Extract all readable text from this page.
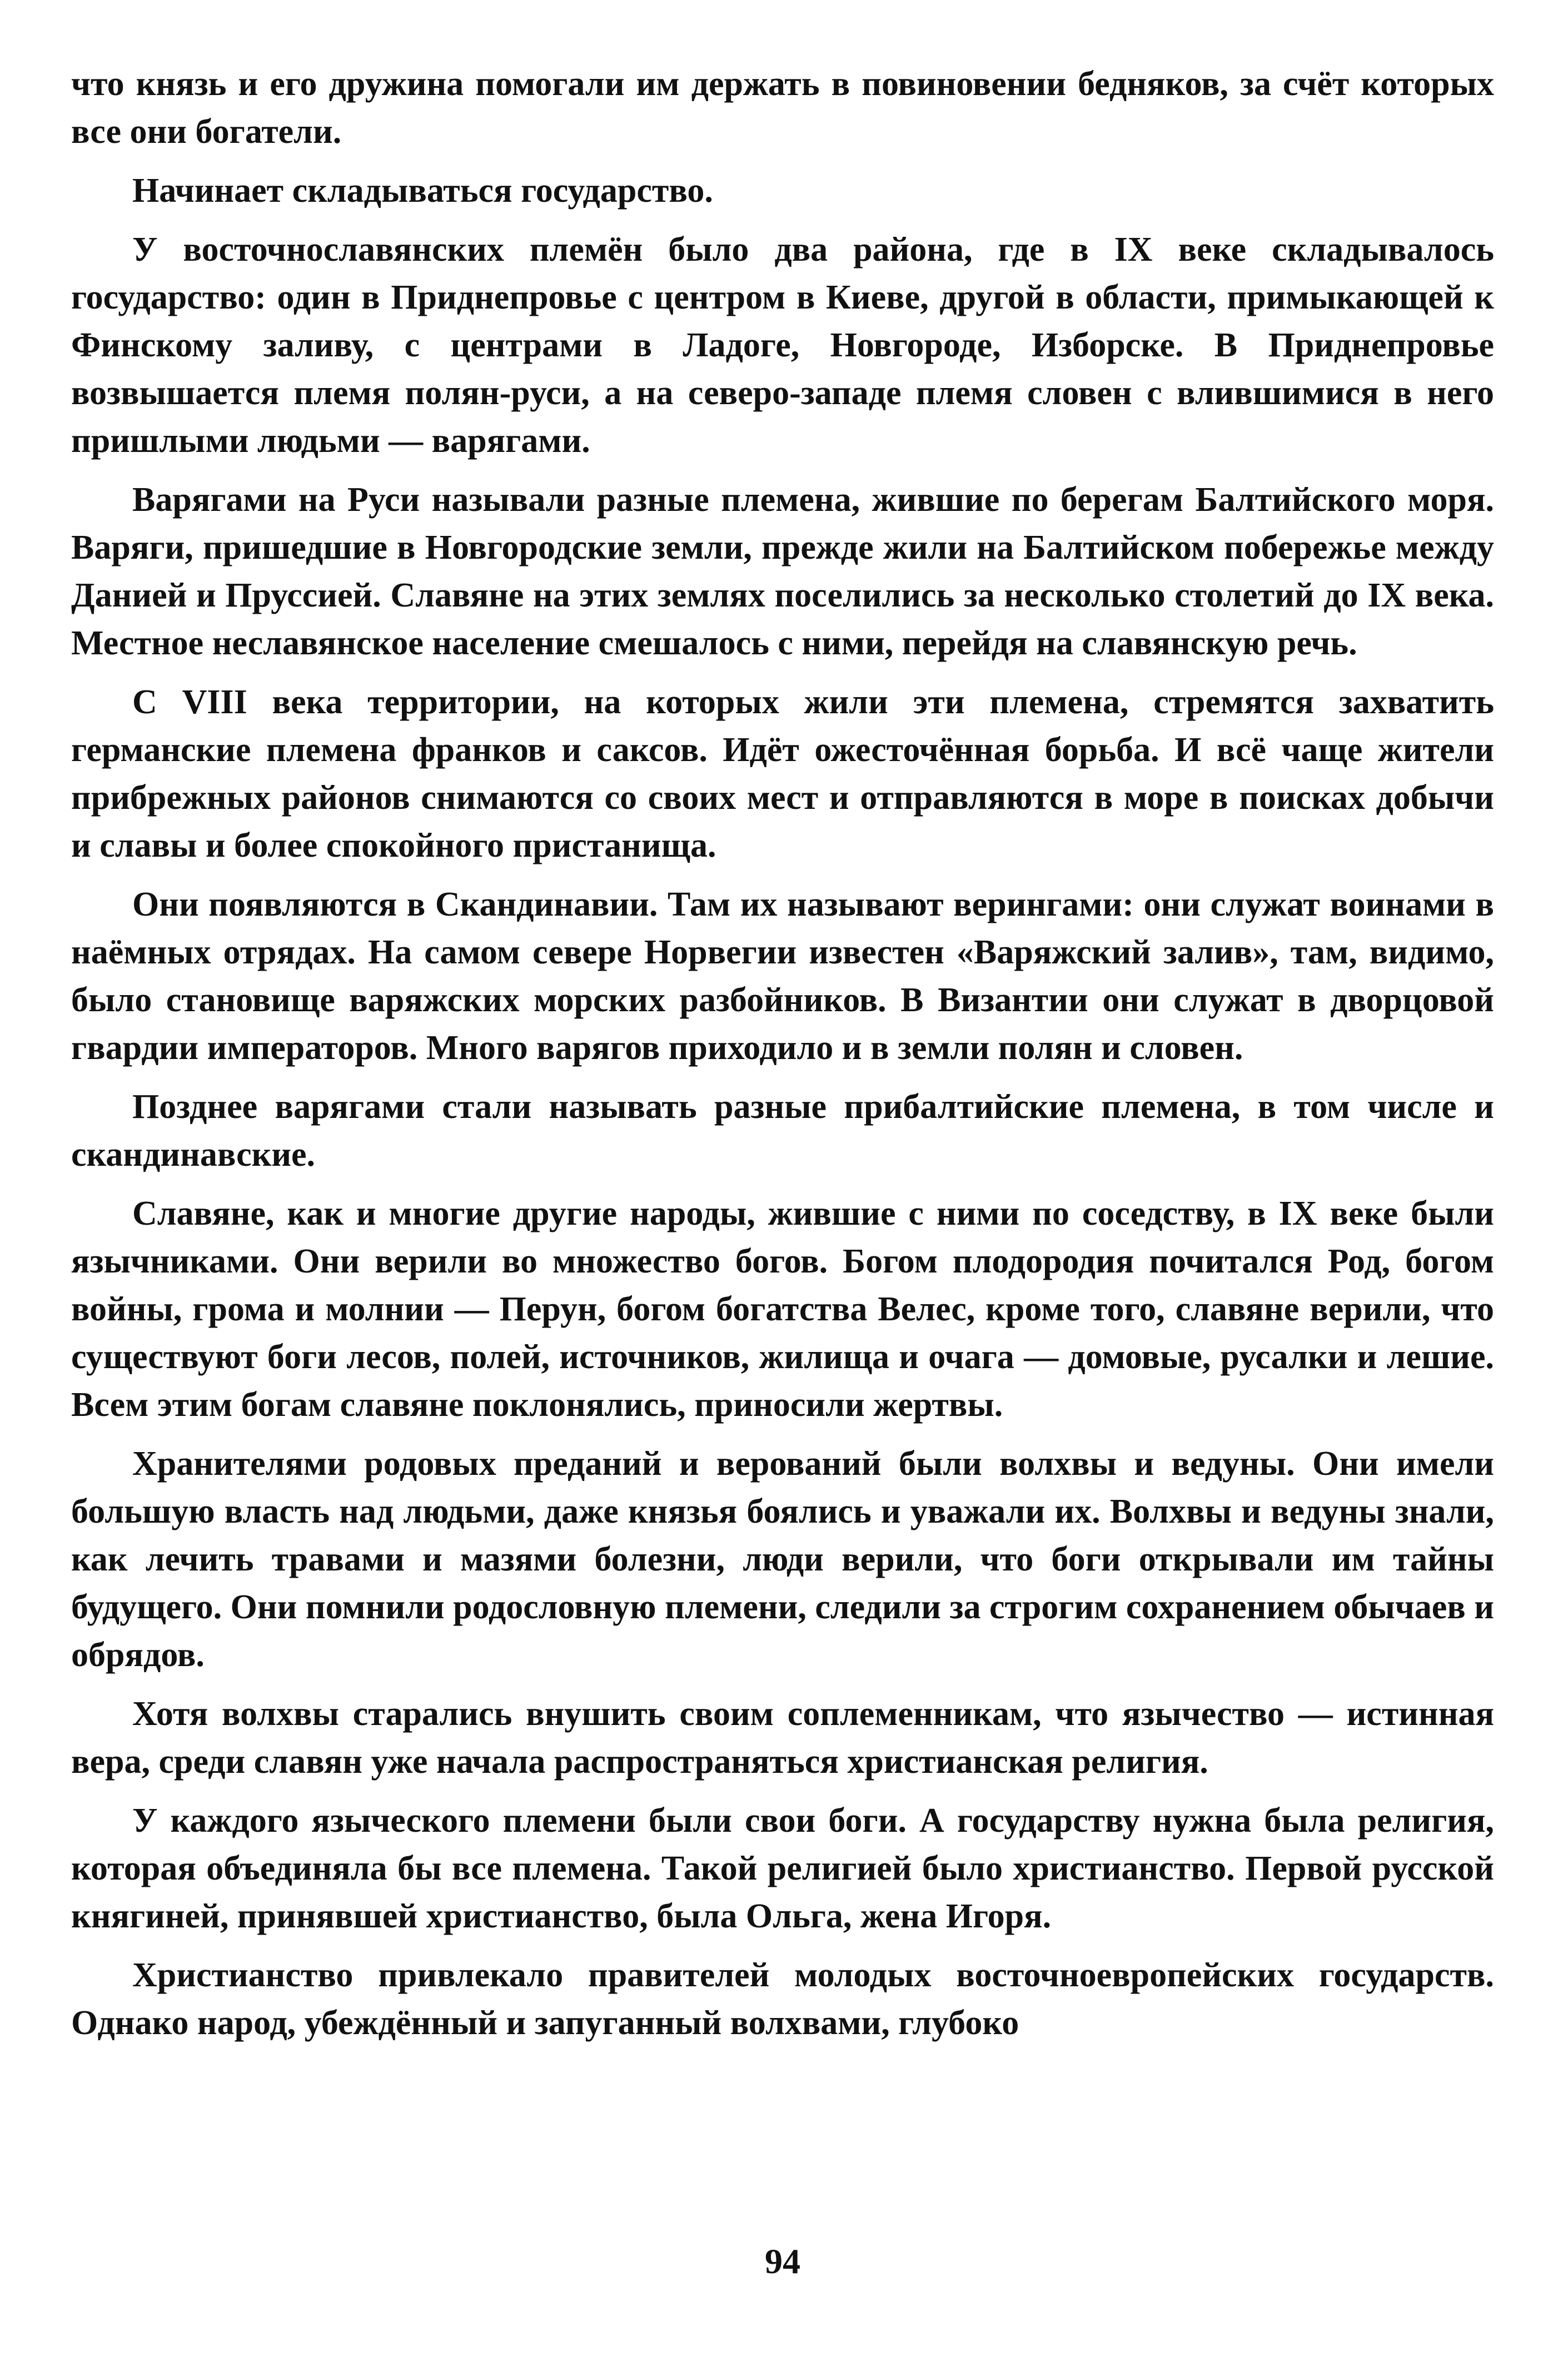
что князь и его дружина помогали им держать в повиновении бедняков, за счёт которых все они богатели.

Начинает складываться государство.

У восточнославянских племён было два района, где в IX веке складывалось государство: один в Приднепровье с центром в Киеве, другой в области, примыкающей к Финскому заливу, с центрами в Ладоге, Новгороде, Изборске. В Приднепровье возвышается племя полян-руси, а на северо-западе племя словен с влившимися в него пришлыми людьми — варягами.

Варягами на Руси называли разные племена, жившие по берегам Балтийского моря. Варяги, пришедшие в Новгородские земли, прежде жили на Балтийском побережье между Данией и Пруссией. Славяне на этих землях поселились за несколько столетий до IX века. Местное неславянское население смешалось с ними, перейдя на славянскую речь.

С VIII века территории, на которых жили эти племена, стремятся захватить германские племена франков и саксов. Идёт ожесточённая борьба. И всё чаще жители прибрежных районов снимаются со своих мест и отправляются в море в поисках добычи и славы и более спокойного пристанища.

Они появляются в Скандинавии. Там их называют верингами: они служат воинами в наёмных отрядах. На самом севере Норвегии известен «Варяжский залив», там, видимо, было становище варяжских морских разбойников. В Византии они служат в дворцовой гвардии императоров. Много варягов приходило и в земли полян и словен.

Позднее варягами стали называть разные прибалтийские племена, в том числе и скандинавские.

Славяне, как и многие другие народы, жившие с ними по соседству, в IX веке были язычниками. Они верили во множество богов. Богом плодородия почитался Род, богом войны, грома и молнии — Перун, богом богатства Велес, кроме того, славяне верили, что существуют боги лесов, полей, источников, жилища и очага — домовые, русалки и лешие. Всем этим богам славяне поклонялись, приносили жертвы.

Хранителями родовых преданий и верований были волхвы и ведуны. Они имели большую власть над людьми, даже князья боялись и уважали их. Волхвы и ведуны знали, как лечить травами и мазями болезни, люди верили, что боги открывали им тайны будущего. Они помнили родословную племени, следили за строгим сохранением обычаев и обрядов.

Хотя волхвы старались внушить своим соплеменникам, что язычество — истинная вера, среди славян уже начала распространяться христианская религия.

У каждого языческого племени были свои боги. А государству нужна была религия, которая объединяла бы все племена. Такой религией было христианство. Первой русской княгиней, принявшей христианство, была Ольга, жена Игоря.

Христианство привлекало правителей молодых восточноевропейских государств. Однако народ, убеждённый и запуганный волхвами, глубоко

94
